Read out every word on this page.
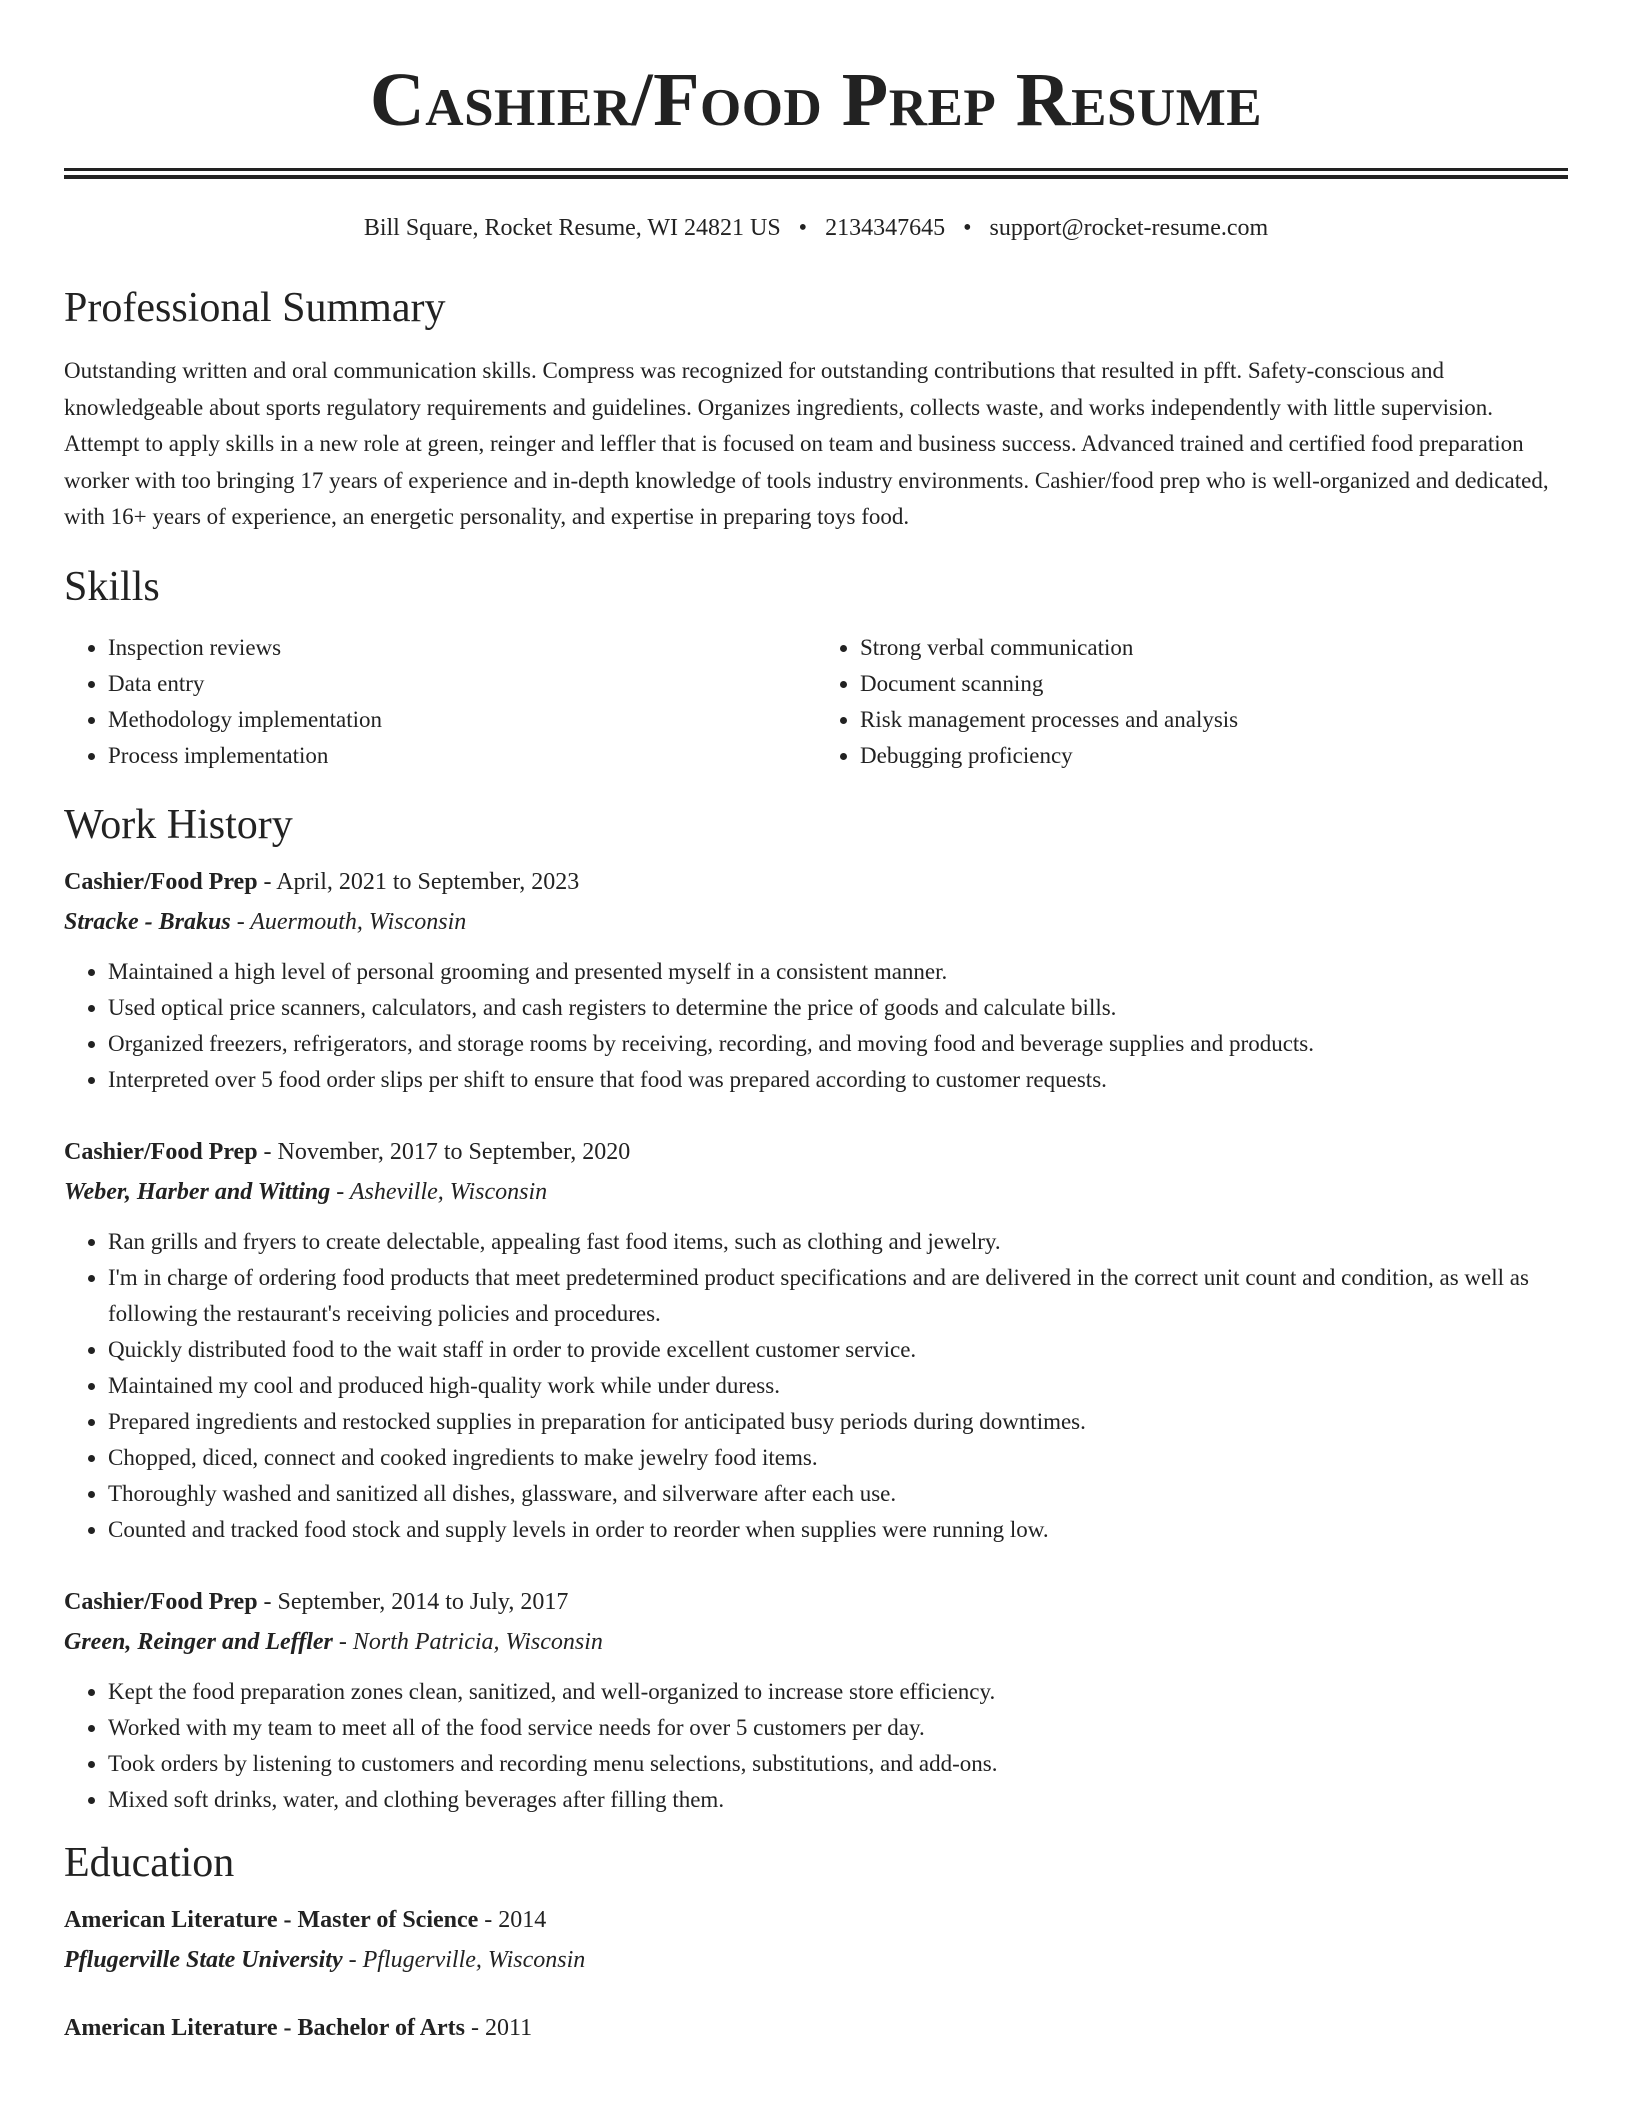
Cashier/Food Prep Resume
Bill Square, Rocket Resume, WI 24821 US • 2134347645 • support@rocket-resume.com
Professional Summary

Outstanding written and oral communication skills. Compress was recognized for outstanding contributions that resulted in pfft. Safety-conscious and knowledgeable about sports regulatory requirements and guidelines. Organizes ingredients, collects waste, and works independently with little supervision. Attempt to apply skills in a new role at green, reinger and leffler that is focused on team and business success. Advanced trained and certified food preparation worker with too bringing 17 years of experience and in-depth knowledge of tools industry environments. Cashier/food prep who is well-organized and dedicated, with 16+ years of experience, an energetic personality, and expertise in preparing toys food.

Skills
• Inspection reviews
• Data entry
• Methodology implementation
• Process implementation
• Strong verbal communication
• Document scanning
• Risk management processes and analysis
• Debugging proficiency
Work History
Cashier/Food Prep - April, 2021 to September, 2023
Stracke - Brakus - Auermouth, Wisconsin
• Maintained a high level of personal grooming and presented myself in a consistent manner.
• Used optical price scanners, calculators, and cash registers to determine the price of goods and calculate bills.
• Organized freezers, refrigerators, and storage rooms by receiving, recording, and moving food and beverage supplies and products.
• Interpreted over 5 food order slips per shift to ensure that food was prepared according to customer requests.
Cashier/Food Prep - November, 2017 to September, 2020
Weber, Harber and Witting - Asheville, Wisconsin
• Ran grills and fryers to create delectable, appealing fast food items, such as clothing and jewelry.
• I'm in charge of ordering food products that meet predetermined product specifications and are delivered in the correct unit count and condition, as well as following the restaurant's receiving policies and procedures.
• Quickly distributed food to the wait staff in order to provide excellent customer service.
• Maintained my cool and produced high-quality work while under duress.
• Prepared ingredients and restocked supplies in preparation for anticipated busy periods during downtimes.
• Chopped, diced, connect and cooked ingredients to make jewelry food items.
• Thoroughly washed and sanitized all dishes, glassware, and silverware after each use.
• Counted and tracked food stock and supply levels in order to reorder when supplies were running low.
Cashier/Food Prep - September, 2014 to July, 2017
Green, Reinger and Leffler - North Patricia, Wisconsin
• Kept the food preparation zones clean, sanitized, and well-organized to increase store efficiency.
• Worked with my team to meet all of the food service needs for over 5 customers per day.
• Took orders by listening to customers and recording menu selections, substitutions, and add-ons.
• Mixed soft drinks, water, and clothing beverages after filling them.
Education
American Literature - Master of Science - 2014
Pflugerville State University - Pflugerville, Wisconsin
American Literature - Bachelor of Arts - 2011
